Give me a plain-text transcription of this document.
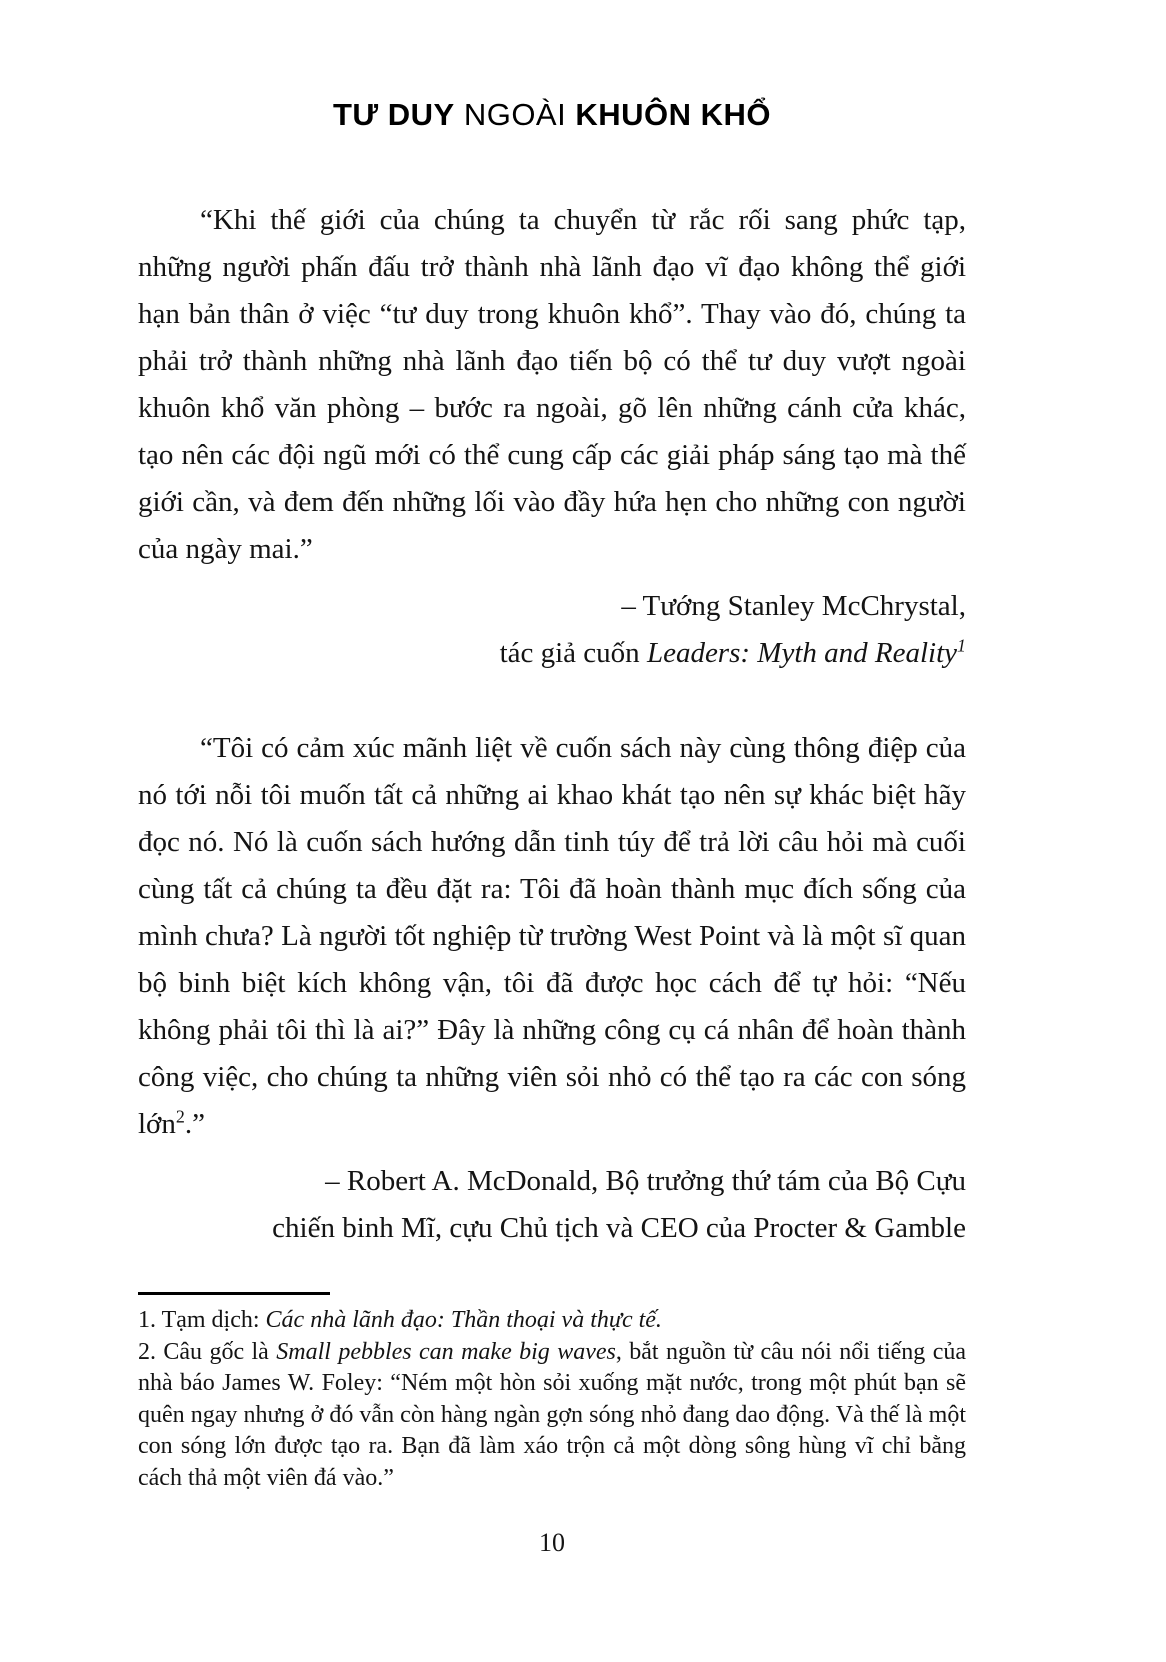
TƯ DUY NGOÀI KHUÔN KHỔ

“Khi thế giới của chúng ta chuyển từ rắc rối sang phức tạp, những người phấn đấu trở thành nhà lãnh đạo vĩ đạo không thể giới hạn bản thân ở việc “tư duy trong khuôn khổ”. Thay vào đó, chúng ta phải trở thành những nhà lãnh đạo tiến bộ có thể tư duy vượt ngoài khuôn khổ văn phòng – bước ra ngoài, gõ lên những cánh cửa khác, tạo nên các đội ngũ mới có thể cung cấp các giải pháp sáng tạo mà thế giới cần, và đem đến những lối vào đầy hứa hẹn cho những con người của ngày mai.”

– Tướng Stanley McChrystal,
tác giả cuốn Leaders: Myth and Reality$^1$

“Tôi có cảm xúc mãnh liệt về cuốn sách này cùng thông điệp của nó tới nỗi tôi muốn tất cả những ai khao khát tạo nên sự khác biệt hãy đọc nó. Nó là cuốn sách hướng dẫn tinh túy để trả lời câu hỏi mà cuối cùng tất cả chúng ta đều đặt ra: Tôi đã hoàn thành mục đích sống của mình chưa? Là người tốt nghiệp từ trường West Point và là một sĩ quan bộ binh biệt kích không vận, tôi đã được học cách để tự hỏi: “Nếu không phải tôi thì là ai?” Đây là những công cụ cá nhân để hoàn thành công việc, cho chúng ta những viên sỏi nhỏ có thể tạo ra các con sóng lớn$^2$.”

– Robert A. McDonald, Bộ trưởng thứ tám của Bộ Cựu
chiến binh Mĩ, cựu Chủ tịch và CEO của Procter & Gamble

1. Tạm dịch: Các nhà lãnh đạo: Thần thoại và thực tế.

2. Câu gốc là Small pebbles can make big waves, bắt nguồn từ câu nói nổi tiếng của nhà báo James W. Foley: “Ném một hòn sỏi xuống mặt nước, trong một phút bạn sẽ quên ngay nhưng ở đó vẫn còn hàng ngàn gợn sóng nhỏ đang dao động. Và thế là một con sóng lớn được tạo ra. Bạn đã làm xáo trộn cả một dòng sông hùng vĩ chỉ bằng cách thả một viên đá vào.”

10
